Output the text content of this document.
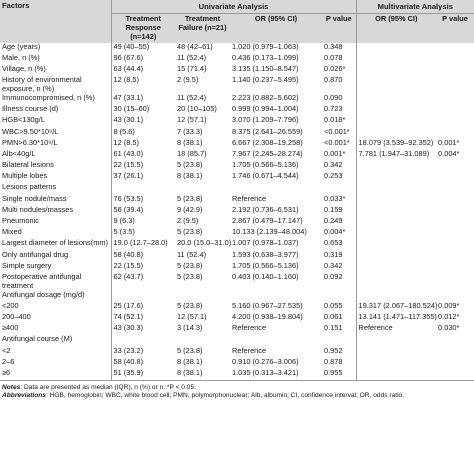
Factors	Univariate Analysis				Multivariate Analysis	
	Treatment Response (n=142)	Treatment Failure (n=21)	OR (95% CI)	P value	OR (95% CI)	P value
Age (years)	49 (40–55)	48 (42–61)	1.020 (0.979–1.063)	0.348		
Male, n (%)	96 (67.6)	11 (52.4)	0.436 (0.173–1.099)	0.078		
Village, n (%)	63 (44.4)	15 (71.4)	3.135 (1.150–8.547)	0.026*		
History of environmental exposure, n (%)	12 (8.5)	2 (9.5)	1.140 (0.237–5.495)	0.870		
Immunocompromised, n (%)	47 (33.1)	11 (52.4)	2.223 (0.882–5.602)	0.090		
Illness course (d)	30 (15–60)	20 (10–105)	0.999 (0.994–1.004)	0.723		
HGB<130g/L	43 (30.1)	12 (57.1)	3.070 (1.209–7.796)	0.018*		
WBC>9.50*10⁹/L	8 (5.6)	7 (33.3)	8.375 (2.641–26.559)	<0.001*		
PMN>6.30*10⁹/L	12 (8.5)	8 (38.1)	6.667 (2.308–19.258)	<0.001*	18.079 (3.539–92.352)	0.001*
Alb<40g/L	61 (43.0)	18 (85.7)	7.967 (2.245–28.274)	0.001*	7.781 (1.947–31.089)	0.004*
Bilateral lesions	22 (15.5)	5 (23.8)	1.705 (0.566–5.136)	0.342		
Multiple lobes	37 (26.1)	8 (38.1)	1.746 (0.671–4.544)	0.253		
Lesions patterns						
Single nodule/mass	76 (53.5)	5 (23.8)	Reference	0.033*		
Multi nodules/masses	56 (39.4)	9 (42.9)	2.192 (0.736–6.531)	0.159		
Pneumonic	9 (6.3)	2 (9.5)	2.867 (0.479–17.147)	0.249		
Mixed	5 (3.5)	5 (23.8)	10.133 (2.139–48.004)	0.004*		
Largest diameter of lesions(mm)	19.0 (12.7–28.0)	20.0 (15.0–31.0)	1.007 (0.978–1.037)	0.653		
Only antifungal drug	58 (40.8)	11 (52.4)	1.593 (0.638–3.977)	0.319		
Simple surgery	22 (15.5)	5 (23.8)	1.705 (0.566–5.136)	0.342		
Postoperative antifungal treatment	62 (43.7)	5 (23.8)	0.403 (0.140–1.160)	0.092		
Antifungal dosage (mg/d)						
<200	25 (17.6)	5 (23.8)	5.160 (0.967–27.535)	0.055	19.317 (2.067–180.524)	0.009*
200–400	74 (52.1)	12 (57.1)	4.200 (0.938–19.804)	0.061	13.141 (1.471–117.355)	0.012*
≥400	43 (30.3)	3 (14.3)	Reference	0.151	Reference	0.030*
Antifungal course (M)						
<2	33 (23.2)	5 (23.8)	Reference	0.952		
2–6	58 (40.8)	8 (38.1)	0.910 (0.276–3.006)	0.878		
≥6	51 (35.9)	8 (38.1)	1.035 (0.313–3.421)	0.955		
Notes: Data are presented as median (IQR), n (%) or n. *P < 0.05.
Abbreviations: HGB, hemoglobin; WBC, white blood cell; PMN, polymorphonuclear; Alb, albumin; CI, confidence interval; OR, odds ratio.
